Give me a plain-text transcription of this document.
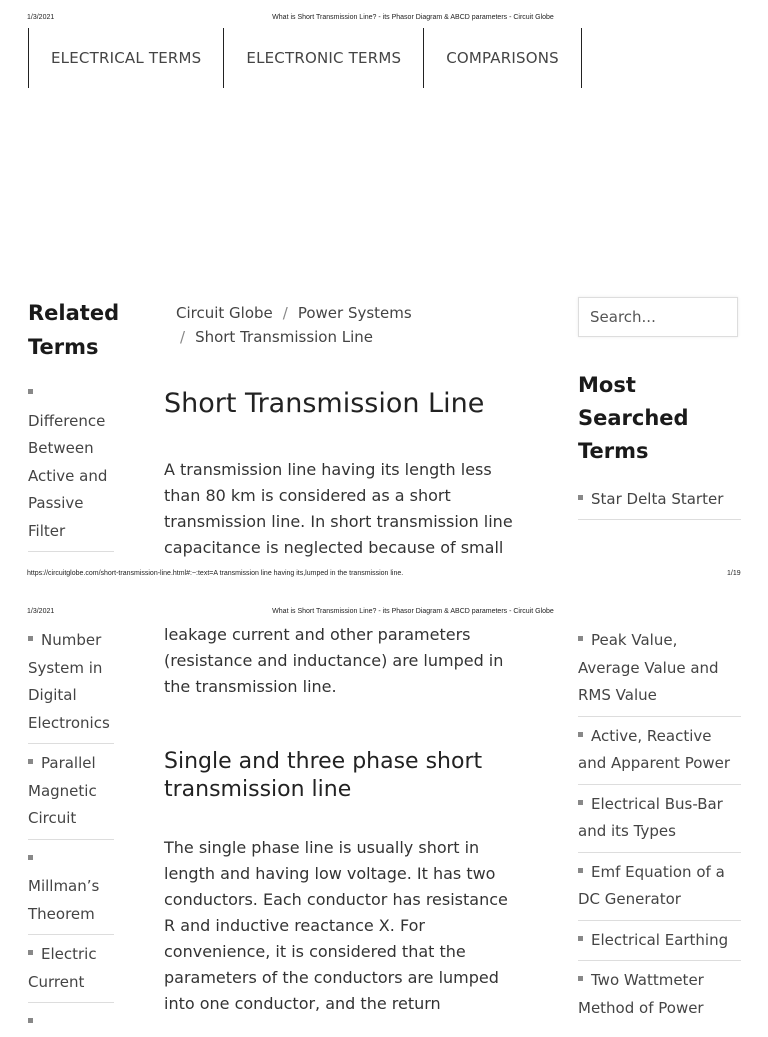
1/3/2021	What is Short Transmission Line? - its Phasor Diagram & ABCD parameters - Circuit Globe
ELECTRICAL TERMS	ELECTRONIC TERMS	COMPARISONS
Related
Terms
Difference
Between
Active and
Passive
Filter
Circuit Globe / Power Systems
/ Short Transmission Line
Short Transmission Line
A transmission line having its length less
than 80 km is considered as a short
transmission line. In short transmission line
capacitance is neglected because of small
Search...
Most
Searched
Terms
Star Delta Starter
https://circuitglobe.com/short-transmission-line.html#:~:text=A transmission line having its,lumped in the transmission line.	1/19
1/3/2021	What is Short Transmission Line? - its Phasor Diagram & ABCD parameters - Circuit Globe
Number
System in
Digital
Electronics
Parallel
Magnetic
Circuit
Millman’s
Theorem
Electric
Current
leakage current and other parameters
(resistance and inductance) are lumped in
the transmission line.
Single and three phase short
transmission line
The single phase line is usually short in
length and having low voltage. It has two
conductors. Each conductor has resistance
R and inductive reactance X. For
convenience, it is considered that the
parameters of the conductors are lumped
into one conductor, and the return
Peak Value,
Average Value and
RMS Value
Active, Reactive
and Apparent Power
Electrical Bus-Bar
and its Types
Emf Equation of a
DC Generator
Electrical Earthing
Two Wattmeter
Method of Power
